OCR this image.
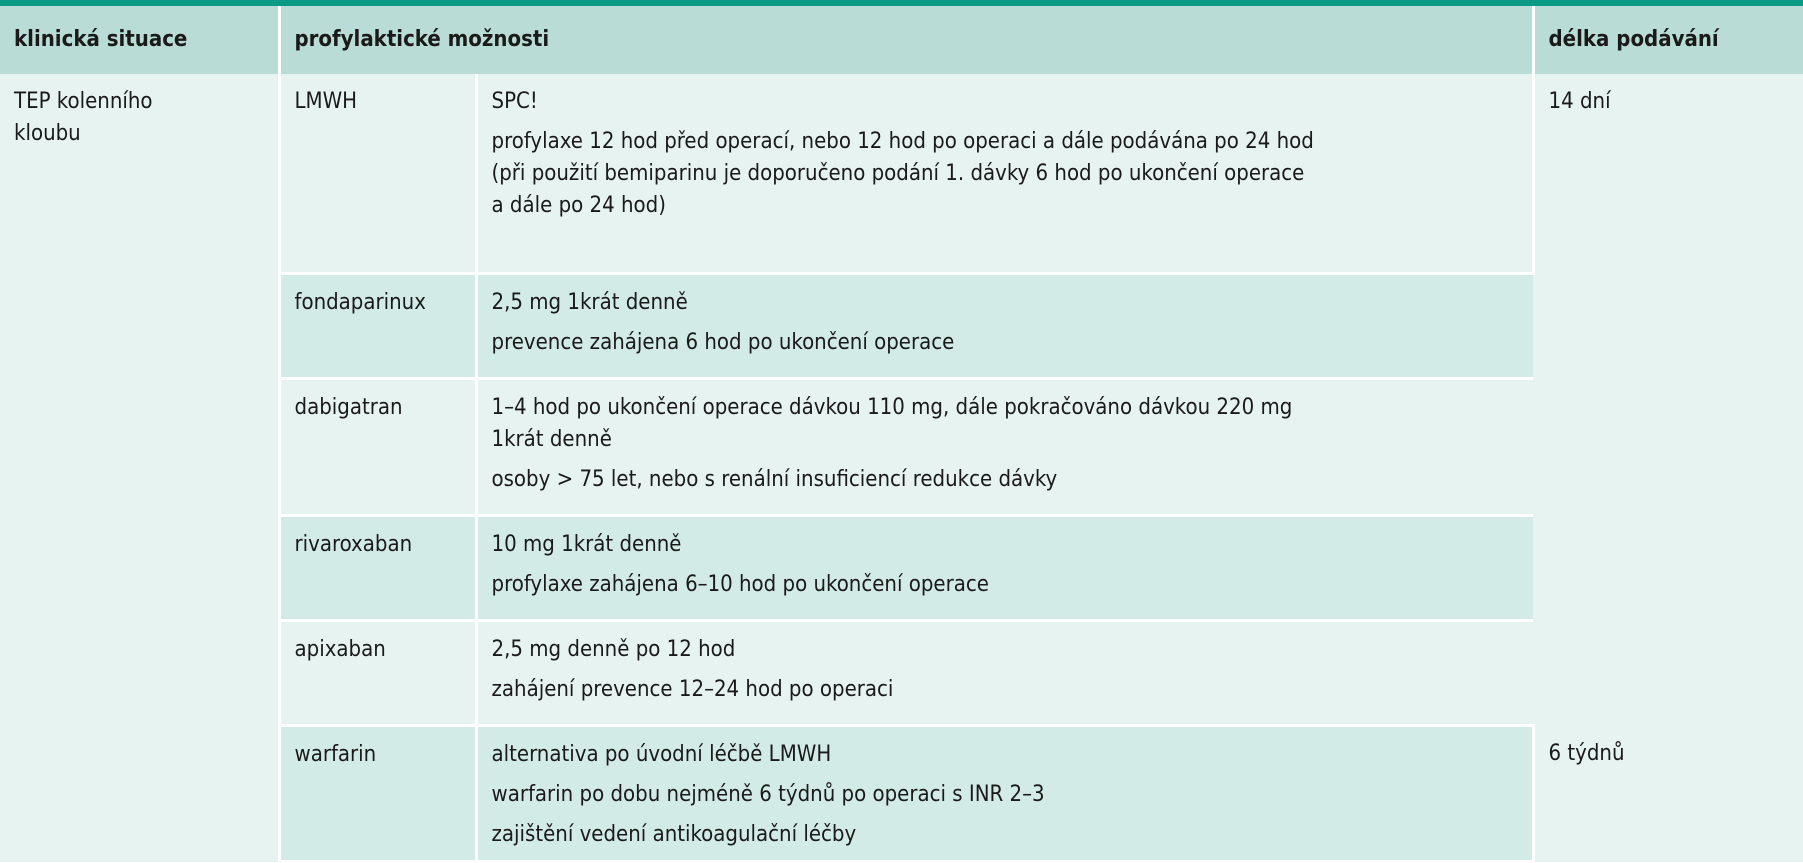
klinická situace	profylaktické možnosti		délka podávání

TEP kolenního
kloubu	LMWH	SPC!
profylaxe 12 hod před operací, nebo 12 hod po operaci a dále podávána po 24 hod
(při použití bemiparinu je doporučeno podání 1. dávky 6 hod po ukončení operace
a dále po 24 hod)	14 dní
	fondaparinux	2,5 mg 1krát denně
prevence zahájena 6 hod po ukončení operace	

	dabigatran	1–4 hod po ukončení operace dávkou 110 mg, dále pokračováno dávkou 220 mg
1krát denně
osoby > 75 let, nebo s renální insuficiencí redukce dávky	

	rivaroxaban	10 mg 1krát denně
profylaxe zahájena 6–10 hod po ukončení operace	

	apixaban	2,5 mg denně po 12 hod
zahájení prevence 12–24 hod po operaci	

	warfarin	alternativa po úvodní léčbě LMWH
warfarin po dobu nejméně 6 týdnů po operaci s INR 2–3
zajištění vedení antikoagulační léčby	6 týdnů
